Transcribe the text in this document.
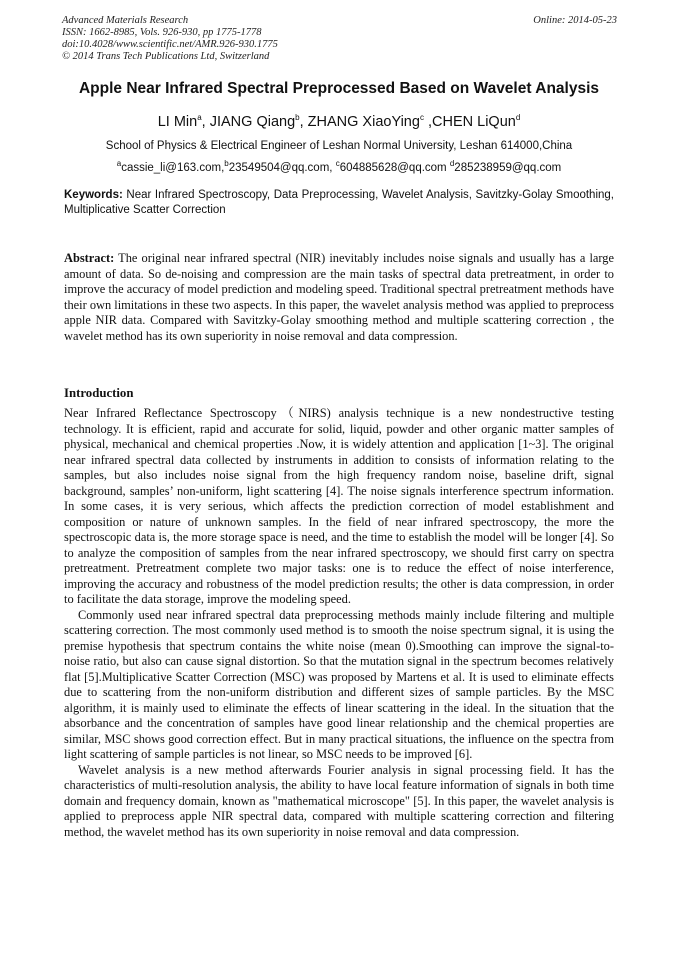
Advanced Materials Research
ISSN: 1662-8985, Vols. 926-930, pp 1775-1778
doi:10.4028/www.scientific.net/AMR.926-930.1775
© 2014 Trans Tech Publications Ltd, Switzerland
Online: 2014-05-23
Apple Near Infrared Spectral Preprocessed Based on Wavelet Analysis
LI Min$^a$, JIANG Qiang$^b$, ZHANG XiaoYing$^c$ ,CHEN LiQun$^d$
School of Physics & Electrical Engineer of Leshan Normal University, Leshan 614000,China
$^a$cassie_li@163.com,$^b$23549504@qq.com, $^c$604885628@qq.com $^d$285238959@qq.com
Keywords: Near Infrared Spectroscopy, Data Preprocessing, Wavelet Analysis, Savitzky-Golay Smoothing, Multiplicative Scatter Correction
Abstract: The original near infrared spectral (NIR) inevitably includes noise signals and usually has a large amount of data. So de-noising and compression are the main tasks of spectral data pretreatment, in order to improve the accuracy of model prediction and modeling speed. Traditional spectral pretreatment methods have their own limitations in these two aspects. In this paper, the wavelet analysis method was applied to preprocess apple NIR data. Compared with Savitzky-Golay smoothing method and multiple scattering correction , the wavelet method has its own superiority in noise removal and data compression.
Introduction

Near Infrared Reflectance Spectroscopy（NIRS) analysis technique is a new nondestructive testing technology. It is efficient, rapid and accurate for solid, liquid, powder and other organic matter samples of physical, mechanical and chemical properties .Now, it is widely attention and application [1~3]. The original near infrared spectral data collected by instruments in addition to consists of information relating to the samples, but also includes noise signal from the high frequency random noise, baseline drift, signal background, samples’ non-uniform, light scattering [4]. The noise signals interference spectrum information. In some cases, it is very serious, which affects the prediction correction of model establishment and composition or nature of unknown samples. In the field of near infrared spectroscopy, the more the spectroscopic data is, the more storage space is need, and the time to establish the model will be longer [4]. So to analyze the composition of samples from the near infrared spectroscopy, we should first carry on spectra pretreatment. Pretreatment complete two major tasks: one is to reduce the effect of noise interference, improving the accuracy and robustness of the model prediction results; the other is data compression, in order to facilitate the data storage, improve the modeling speed.

Commonly used near infrared spectral data preprocessing methods mainly include filtering and multiple scattering correction. The most commonly used method is to smooth the noise spectrum signal, it is using the premise hypothesis that spectrum contains the white noise (mean 0).Smoothing can improve the signal-to-noise ratio, but also can cause signal distortion. So that the mutation signal in the spectrum becomes relatively flat [5].Multiplicative Scatter Correction (MSC) was proposed by Martens et al. It is used to eliminate effects due to scattering from the non-uniform distribution and different sizes of sample particles. By the MSC algorithm, it is mainly used to eliminate the effects of linear scattering in the ideal. In the situation that the absorbance and the concentration of samples have good linear relationship and the chemical properties are similar, MSC shows good correction effect. But in many practical situations, the influence on the spectra from light scattering of sample particles is not linear, so MSC needs to be improved [6].

Wavelet analysis is a new method afterwards Fourier analysis in signal processing field. It has the characteristics of multi-resolution analysis, the ability to have local feature information of signals in both time domain and frequency domain, known as "mathematical microscope" [5]. In this paper, the wavelet analysis is applied to preprocess apple NIR spectral data, compared with multiple scattering correction and filtering method, the wavelet method has its own superiority in noise removal and data compression.
